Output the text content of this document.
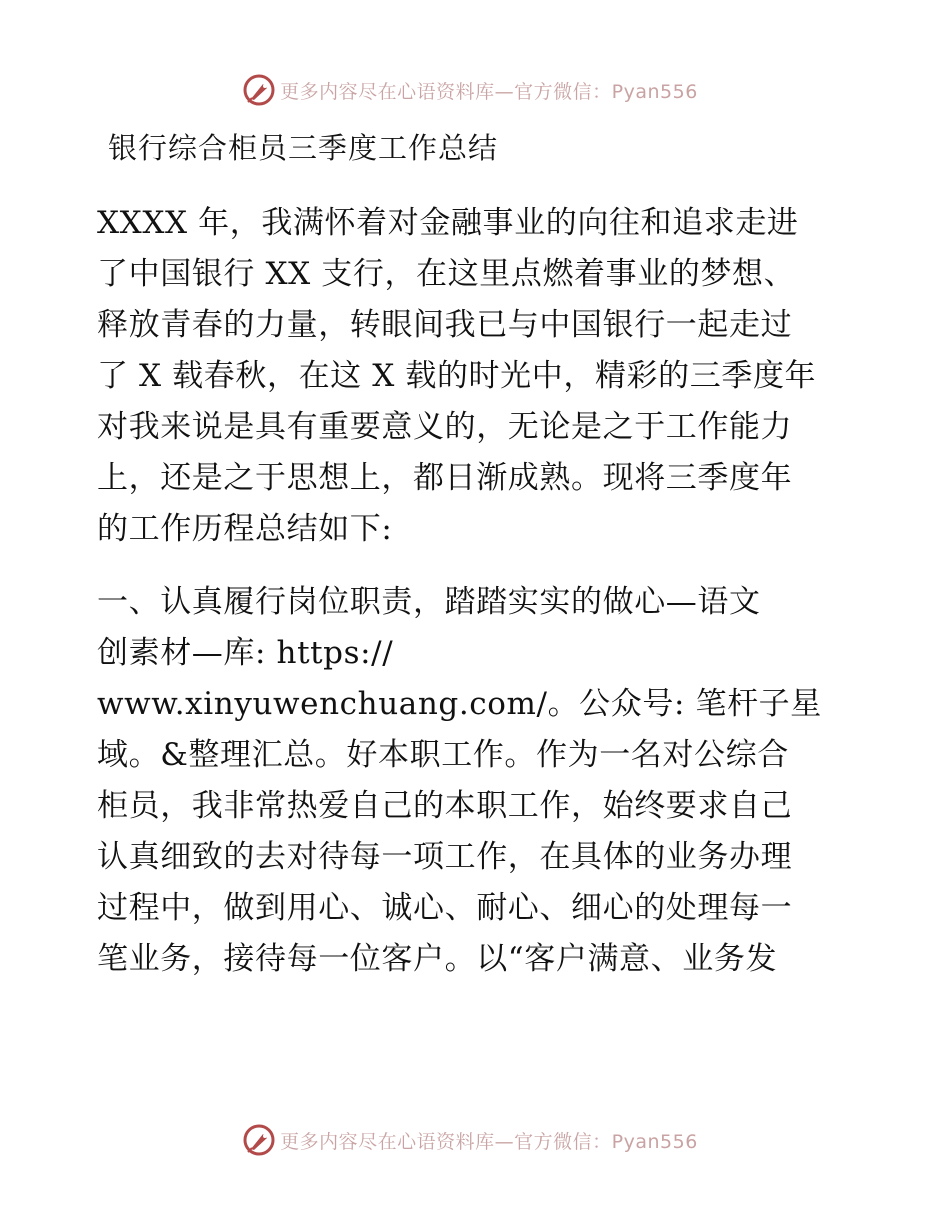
更多内容尽在心语资料库—官方微信：Pyan556
银行综合柜员三季度工作总结
XXXX 年，我满怀着对金融事业的向往和追求走进
了中国银行 XX 支行，在这里点燃着事业的梦想、
释放青春的力量，转眼间我已与中国银行一起走过
了 X 载春秋，在这 X 载的时光中，精彩的三季度年
对我来说是具有重要意义的，无论是之于工作能力
上，还是之于思想上，都日渐成熟。现将三季度年
的工作历程总结如下:
一、认真履行岗位职责，踏踏实实的做心—语文
创素材—库: https://
www.xinyuwenchuang.com/。公众号: 笔杆子星
域。&整理汇总。好本职工作。作为一名对公综合
柜员，我非常热爱自己的本职工作，始终要求自己
认真细致的去对待每一项工作，在具体的业务办理
过程中，做到用心、诚心、耐心、细心的处理每一
笔业务，接待每一位客户。以“客户满意、业务发
更多内容尽在心语资料库—官方微信：Pyan556
